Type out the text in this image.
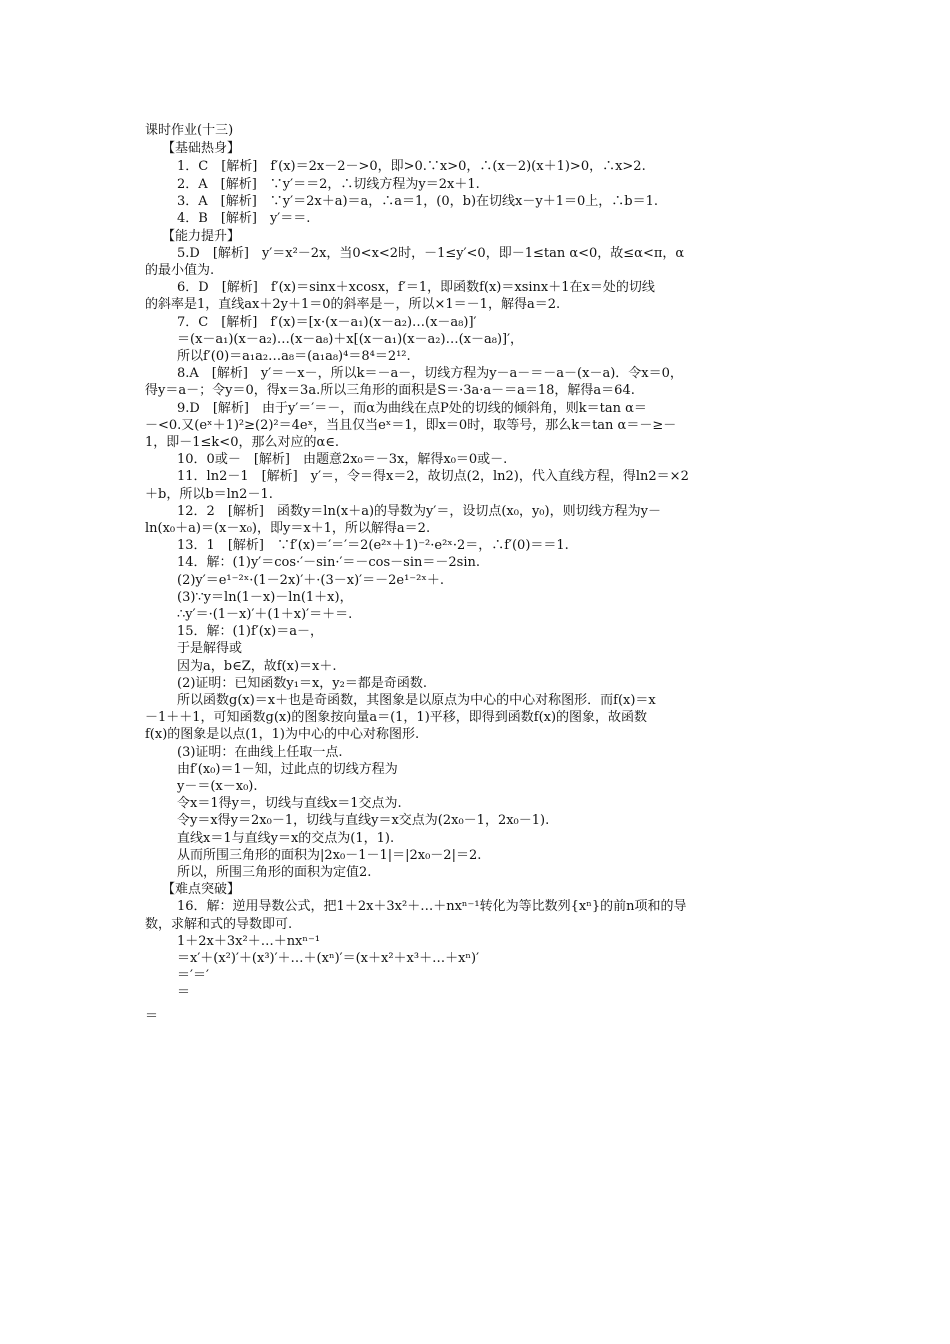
课时作业(十三)
【基础热身】
1．C　[解析]　f′(x)＝2x－2－>0，即>0.∵x>0，∴(x－2)(x＋1)>0，∴x>2.
2．A　[解析]　∵y′＝＝2，∴切线方程为y＝2x＋1.
3．A　[解析]　∵y′＝2x＋a)＝a，∴a＝1，(0，b)在切线x－y＋1＝0上，∴b＝1.
4．B　[解析]　y′＝＝.
【能力提升】
5.D　[解析]　y′＝x²－2x，当0<x<2时，－1≤y′<0，即－1≤tan α<0，故≤α<π，α
的最小值为.
6．D　[解析]　f′(x)＝sinx＋xcosx，f′＝1，即函数f(x)＝xsinx＋1在x＝处的切线
的斜率是1，直线ax＋2y＋1＝0的斜率是－，所以×1＝－1，解得a＝2.
7．C　[解析]　f′(x)＝[x·(x－a₁)(x－a₂)…(x－a₈)]′
＝(x－a₁)(x－a₂)…(x－a₈)＋x[(x－a₁)(x－a₂)…(x－a₈)]′，
所以f′(0)＝a₁a₂…a₈＝(a₁a₈)⁴＝8⁴＝2¹².
8.A　[解析]　y′＝－x－，所以k＝－a－，切线方程为y－a－＝－a－(x－a)．令x＝0，
得y＝a－；令y＝0，得x＝3a.所以三角形的面积是S＝·3a·a－＝a＝18，解得a＝64.
9.D　[解析]　由于y′＝′＝－，而α为曲线在点P处的切线的倾斜角，则k＝tan α＝
－<0.又(eˣ＋1)²≥(2)²＝4eˣ，当且仅当eˣ＝1，即x＝0时，取等号，那么k＝tan α＝－≥－
1，即－1≤k<0，那么对应的α∈.
10．0或－　[解析]　由题意2x₀＝－3x，解得x₀＝0或－.
11．ln2－1　[解析]　y′＝，令＝得x＝2，故切点(2，ln2)，代入直线方程，得ln2＝×2
＋b，所以b＝ln2－1.
12．2　[解析]　函数y＝ln(x＋a)的导数为y′＝，设切点(x₀，y₀)，则切线方程为y－
ln(x₀＋a)＝(x－x₀)，即y＝x＋1，所以解得a＝2.
13．1　[解析]　∵f′(x)＝′＝′＝2(e²ˣ＋1)⁻²·e²ˣ·2＝，∴f′(0)＝＝1.
14．解：(1)y′＝cos·′－sin·′＝－cos－sin＝－2sin.
(2)y′＝e¹⁻²ˣ·(1－2x)′＋·(3－x)′＝－2e¹⁻²ˣ＋.
(3)∵y＝ln(1－x)－ln(1＋x)，
∴y′＝·(1－x)′＋(1＋x)′＝＋＝.
15．解：(1)f′(x)＝a－，
于是解得或
因为a，b∈Z，故f(x)＝x＋.
(2)证明：已知函数y₁＝x，y₂＝都是奇函数.
所以函数g(x)＝x＋也是奇函数，其图象是以原点为中心的中心对称图形．而f(x)＝x
－1＋＋1，可知函数g(x)的图象按向量a＝(1，1)平移，即得到函数f(x)的图象，故函数
f(x)的图象是以点(1，1)为中心的中心对称图形.
(3)证明：在曲线上任取一点.
由f′(x₀)＝1－知，过此点的切线方程为
y－＝(x－x₀).
令x＝1得y＝，切线与直线x＝1交点为.
令y＝x得y＝2x₀－1，切线与直线y＝x交点为(2x₀－1，2x₀－1).
直线x＝1与直线y＝x的交点为(1，1).
从而所围三角形的面积为|2x₀－1－1|＝|2x₀－2|＝2.
所以，所围三角形的面积为定值2.
【难点突破】
16．解：逆用导数公式，把1＋2x＋3x²＋…＋nxⁿ⁻¹转化为等比数列{xⁿ}的前n项和的导
数，求解和式的导数即可.
1＋2x＋3x²＋…＋nxⁿ⁻¹
＝x′＋(x²)′＋(x³)′＋…＋(xⁿ)′＝(x＋x²＋x³＋…＋xⁿ)′
＝′＝′
＝
＝
